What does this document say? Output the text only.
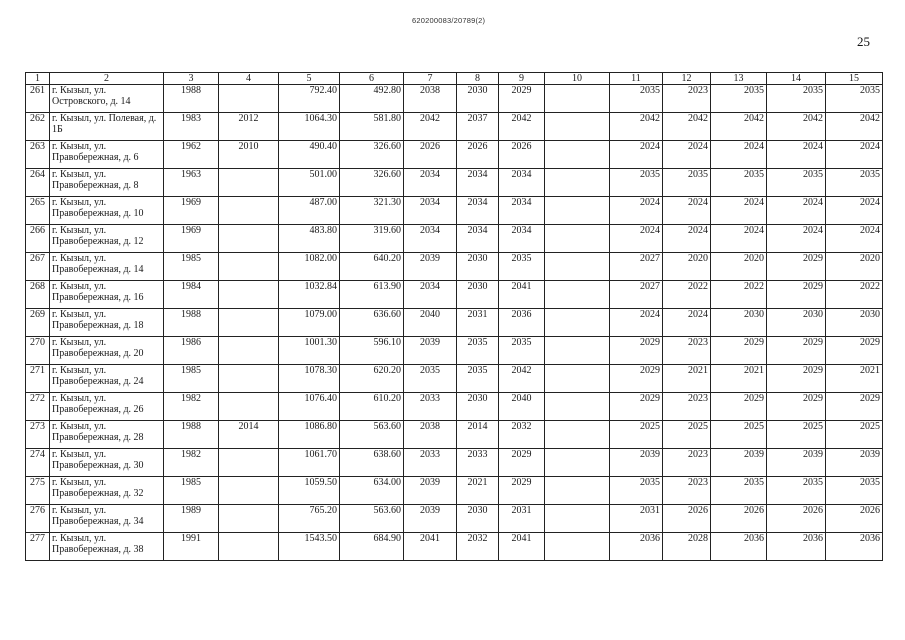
620200083/20789(2)
25
1	2	3	4	5	6	7	8	9	10	11	12	13	14	15
261	г. Кызыл, ул. Островского, д. 14	1988		792.40	492.80	2038	2030	2029		2035	2023	2035	2035	2035
262	г. Кызыл, ул. Полевая, д. 1Б	1983	2012	1064.30	581.80	2042	2037	2042		2042	2042	2042	2042	2042
263	г. Кызыл, ул. Правобережная, д. 6	1962	2010	490.40	326.60	2026	2026	2026		2024	2024	2024	2024	2024
264	г. Кызыл, ул. Правобережная, д. 8	1963		501.00	326.60	2034	2034	2034		2035	2035	2035	2035	2035
265	г. Кызыл, ул. Правобережная, д. 10	1969		487.00	321.30	2034	2034	2034		2024	2024	2024	2024	2024
266	г. Кызыл, ул. Правобережная, д. 12	1969		483.80	319.60	2034	2034	2034		2024	2024	2024	2024	2024
267	г. Кызыл, ул. Правобережная, д. 14	1985		1082.00	640.20	2039	2030	2035		2027	2020	2020	2029	2020
268	г. Кызыл, ул. Правобережная, д. 16	1984		1032.84	613.90	2034	2030	2041		2027	2022	2022	2029	2022
269	г. Кызыл, ул. Правобережная, д. 18	1988		1079.00	636.60	2040	2031	2036		2024	2024	2030	2030	2030
270	г. Кызыл, ул. Правобережная, д. 20	1986		1001.30	596.10	2039	2035	2035		2029	2023	2029	2029	2029
271	г. Кызыл, ул. Правобережная, д. 24	1985		1078.30	620.20	2035	2035	2042		2029	2021	2021	2029	2021
272	г. Кызыл, ул. Правобережная, д. 26	1982		1076.40	610.20	2033	2030	2040		2029	2023	2029	2029	2029
273	г. Кызыл, ул. Правобережная, д. 28	1988	2014	1086.80	563.60	2038	2014	2032		2025	2025	2025	2025	2025
274	г. Кызыл, ул. Правобережная, д. 30	1982		1061.70	638.60	2033	2033	2029		2039	2023	2039	2039	2039
275	г. Кызыл, ул. Правобережная, д. 32	1985		1059.50	634.00	2039	2021	2029		2035	2023	2035	2035	2035
276	г. Кызыл, ул. Правобережная, д. 34	1989		765.20	563.60	2039	2030	2031		2031	2026	2026	2026	2026
277	г. Кызыл, ул. Правобережная, д. 38	1991		1543.50	684.90	2041	2032	2041		2036	2028	2036	2036	2036
